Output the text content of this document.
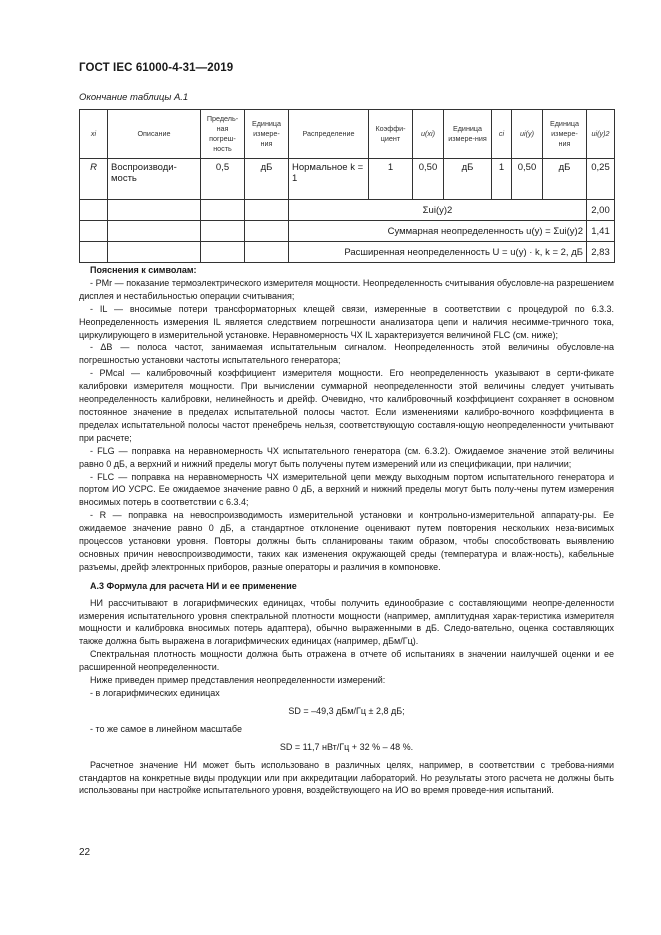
ГОСТ IEC 61000-4-31—2019
Окончание таблицы A.1
xi	Описание	Предель-ная погреш-ность	Единица измере-ния	Распределение	Коэффи-циент	u(xi)	Единица измере-ния	ci	ui(y)	Единица измере-ния	ui(y)2
R	Воспроизводи-мость	0,5	дБ	Нормальное k = 1	1	0,50	дБ	1	0,50	дБ	0,25
				Σui(y)2							2,00
				Суммарная неопределенность u(y) = Σui(y)2							1,41
				Расширенная неопределенность U = u(y) · k, k = 2, дБ							2,83

Пояснения к символам:

- PMr — показание термоэлектрического измерителя мощности. Неопределенность считывания обусловле-на разрешением дисплея и нестабильностью операции считывания;

- IL — вносимые потери трансформаторных клещей связи, измеренные в соответствии с процедурой по 6.3.3. Неопределенность измерения IL является следствием погрешности анализатора цепи и наличия несимме-тричного тока, циркулирующего в измерительной установке. Неравномерность ЧХ IL характеризуется величиной FLC (см. ниже);

- ΔB — полоса частот, занимаемая испытательным сигналом. Неопределенность этой величины обусловле-на погрешностью установки частоты испытательного генератора;

- PMcal — калибровочный коэффициент измерителя мощности. Его неопределенность указывают в серти-фикате калибровки измерителя мощности. При вычислении суммарной неопределенности этой величины следует учитывать неопределенность калибровки, нелинейность и дрейф. Очевидно, что калибровочный коэффициент сохраняет в основном постоянное значение в пределах испытательной полосы частот. Если изменениями калибро-вочного коэффициента в пределах испытательной полосы частот пренебречь нельзя, соответствующую составля-ющую неопределенности учитывают при расчете;

- FLG — поправка на неравномерность ЧХ испытательного генератора (см. 6.3.2). Ожидаемое значение этой величины равно 0 дБ, а верхний и нижний пределы могут быть получены путем измерений или из спецификации, при наличии;

- FLC — поправка на неравномерность ЧХ измерительной цепи между выходным портом испытательного генератора и портом ИО УСРС. Ее ожидаемое значение равно 0 дБ, а верхний и нижний пределы могут быть полу-чены путем измерения вносимых потерь в соответствии с 6.3.4;

- R — поправка на невоспроизводимость измерительной установки и контрольно-измерительной аппарату-ры. Ее ожидаемое значение равно 0 дБ, а стандартное отклонение оценивают путем повторения нескольких неза-висимых процессов установки уровня. Повторы должны быть спланированы таким образом, чтобы способствовать выявлению основных причин невоспроизводимости, таких как изменения окружающей среды (температура и влаж-ность), кабельные разъемы, дрейф электронных приборов, разные операторы и различия в компоновке.

А.3 Формула для расчета НИ и ее применение

НИ рассчитывают в логарифмических единицах, чтобы получить единообразие с составляющими неопре-деленности измерения испытательного уровня спектральной плотности мощности (например, амплитудная харак-теристика измерителя мощности и калибровка вносимых потерь адаптера), обычно выраженными в дБ. Следо-вательно, оценка составляющих также должна быть выражена в логарифмических единицах (например, дБм/Гц).

Спектральная плотность мощности должна быть отражена в отчете об испытаниях в значении наилучшей оценки и ее расширенной неопределенности.

Ниже приведен пример представления неопределенности измерений:

- в логарифмических единицах

SD = –49,3 дБм/Гц ± 2,8 дБ;

- то же самое в линейном масштабе

SD = 11,7 нВт/Гц + 32 % – 48 %.

Расчетное значение НИ может быть использовано в различных целях, например, в соответствии с требова-ниями стандартов на конкретные виды продукции или при аккредитации лабораторий. Но результаты этого расчета не должны быть использованы при настройке испытательного уровня, воздействующего на ИО во время проведе-ния испытаний.

22
